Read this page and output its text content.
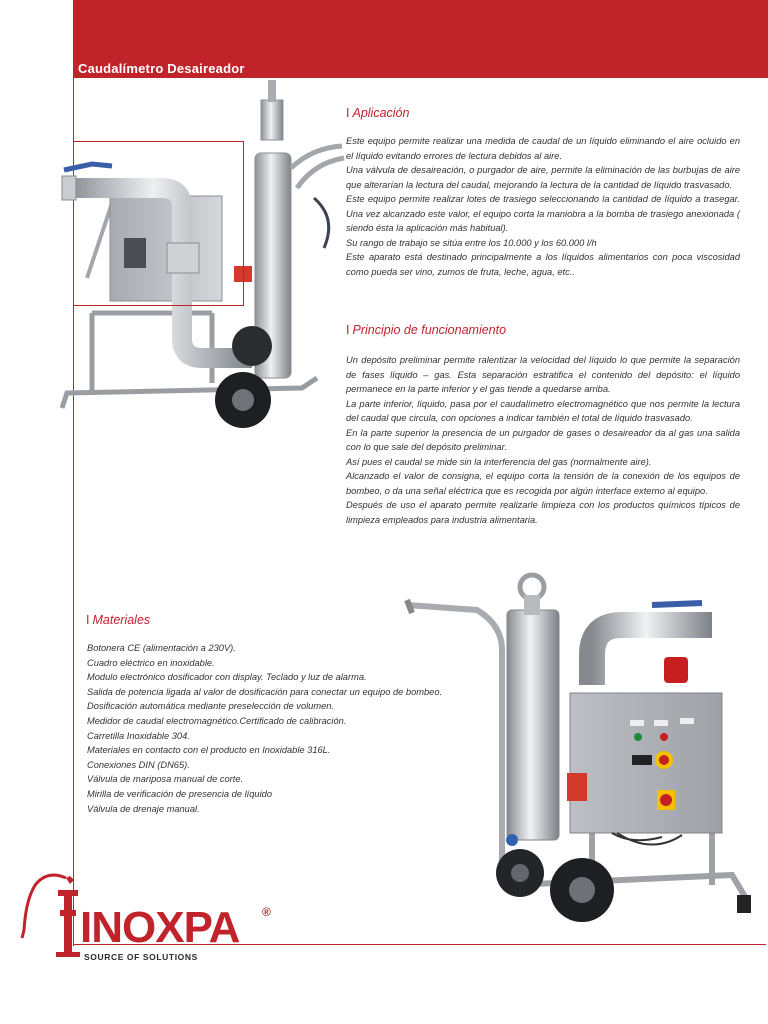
Caudalímetro Desaireador
I Aplicación

Este equipo permite realizar una medida de caudal de un líquido eliminando el aire ocluido en el líquido evitando errores de lectura debidos al aire.

Una válvula de desaireación, o purgador de aire, permite la eliminación de las burbujas de aire que alterarían la lectura del caudal, mejorando la lectura de la cantidad de líquido trasvasado.

Este equipo permite realizar lotes de trasiego seleccionando la cantidad de líquido a trasegar. Una vez alcanzado este valor, el equipo corta la maniobra a la bomba de trasiego anexionada ( siendo ésta la aplicación más habitual).

Su rango de trabajo se sitúa entre los 10.000 y los 60.000 l/h

Este aparato está destinado principalmente a los líquidos alimentarios con poca viscosidad como pueda ser vino, zumos de fruta, leche, agua, etc..

I Principio de funcionamiento

Un depósito preliminar permite ralentizar la velocidad del líquido lo que permite la separación de fases líquido – gas. Esta separación estratifica el contenido del depósito: el líquido permanece en la parte inferior y el gas tiende a quedarse arriba.

La parte inferior, líquido, pasa por el caudalímetro electromagnético que nos permite la lectura del caudal que circula, con opciones a indicar también el total de líquido trasvasado.

En la parte superior la presencia de un purgador de gases o desaireador da al gas una salida con lo que sale del depósito preliminar.

Así pues el caudal se mide sin la interferencia del gas (normalmente aire).

Alcanzado el valor de consigna, el equipo corta la tensión de la conexión de los equipos de bombeo, o da una señal eléctrica que es recogida por algún interface externo al equipo.

Después de uso el aparato permite realizarle limpieza con los productos químicos típicos de limpieza empleados para industria alimentaria.

I Materiales
Botonera CE (alimentación a 230V).
Cuadro eléctrico en inoxidable.
Modulo electrónico dosificador con display. Teclado y luz de alarma.
Salida de potencia ligada al valor de dosificación para conectar un equipo de bombeo.
Dosificación automática mediante preselección de volumen.
Medidor de caudal electromagnético.Certificado de calibración.
Carretilla Inoxidable 304.
Materiales en contacto con el producto en Inoxidable 316L.
Conexiones DIN (DN65).
Válvula de mariposa manual de corte.
Mirilla de verificación de presencia de líquido
Válvula de drenaje manual.
INOXPA ®
SOURCE OF SOLUTIONS
